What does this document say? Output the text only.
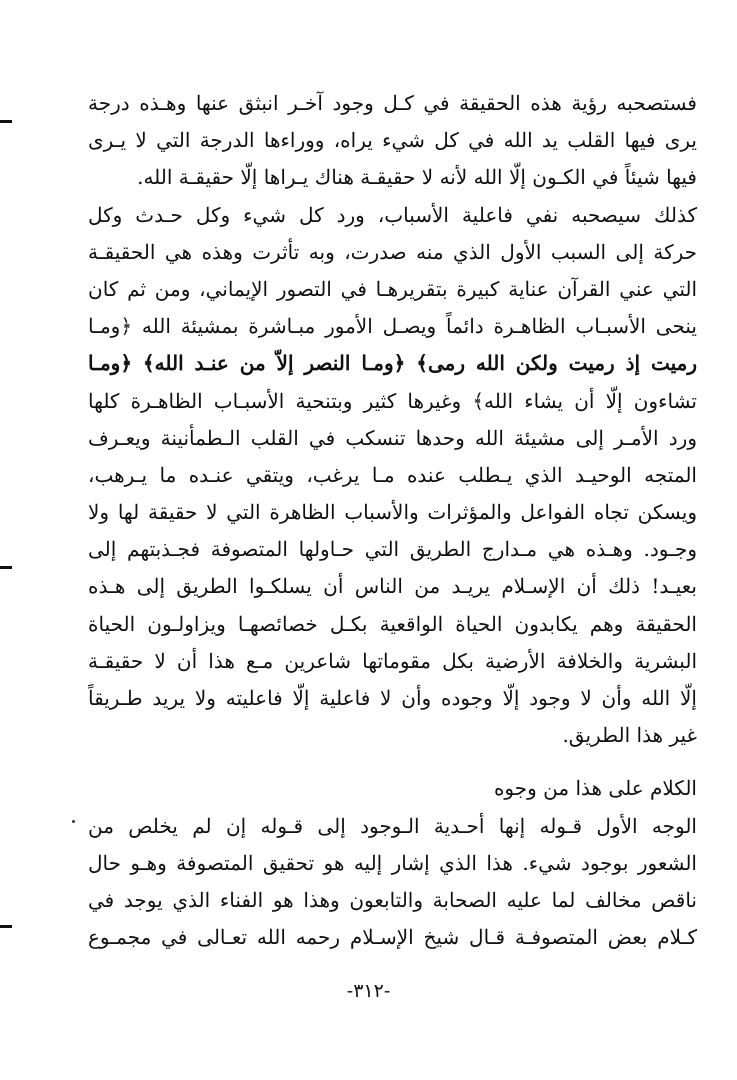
فستصحبه رؤية هذه الحقيقة في كـل وجود آخـر انبثق عنها وهـذه درجة
يرى فيها القلب يد الله في كل شيء يراه، ووراءها الدرجة التي لا يـرى
فيها شيئاً في الكـون إلّا الله لأنه لا حقيقـة هناك يـراها إلّا حقيقـة الله.
كذلك سيصحبه نفي فاعلية الأسباب، ورد كل شيء وكل حـدث وكل
حركة إلى السبب الأول الذي منه صدرت، وبه تأثرت وهذه هي الحقيقـة
التي عني القرآن عناية كبيرة بتقريرهـا في التصور الإيماني، ومن ثم كان
ينحى الأسبـاب الظاهـرة دائماً ويصـل الأمور مبـاشرة بمشيئة الله ﴿ومـا
رميت إذ رميت ولكن الله رمى﴾ ﴿ومـا النصر إلاّ من عنـد الله﴾ ﴿ومـا
تشاءون إلّا أن يشاء الله﴾ وغيرها كثير وبتنحية الأسبـاب الظاهـرة كلها
ورد الأمـر إلى مشيئة الله وحدها تنسكب في القلب الـطمأنينة ويعـرف
المتجه الوحيـد الذي يـطلب عنده مـا يرغب، ويتقي عنـده ما يـرهب،
ويسكن تجاه الفواعل والمؤثرات والأسباب الظاهرة التي لا حقيقة لها ولا
وجـود. وهـذه هي مـدارج الطريق التي حـاولها المتصوفة فجـذبتهم إلى
بعيـد! ذلك أن الإسـلام يريـد من الناس أن يسلكـوا الطريق إلى هـذه
الحقيقة وهم يكابدون الحياة الواقعية بكـل خصائصهـا ويزاولـون الحياة
البشرية والخلافة الأرضية بكل مقوماتها شاعرين مـع هذا أن لا حقيقـة
إلّا الله وأن لا وجود إلّا وجوده وأن لا فاعلية إلّا فاعليته ولا يريد طـريقاً
غير هذا الطريق.
الكلام على هذا من وجوه
الوجه الأول قـوله إنها أحـدية الـوجود إلى قـوله إن لم يخلص من
الشعور بوجود شيء. هذا الذي إشار إليه هو تحقيق المتصوفة وهـو حال
ناقص مخالف لما عليه الصحابة والتابعون وهذا هو الفناء الذي يوجد في
كـلام بعض المتصوفـة قـال شيخ الإسـلام رحمه الله تعـالى في مجمـوع
-٣١٢-
